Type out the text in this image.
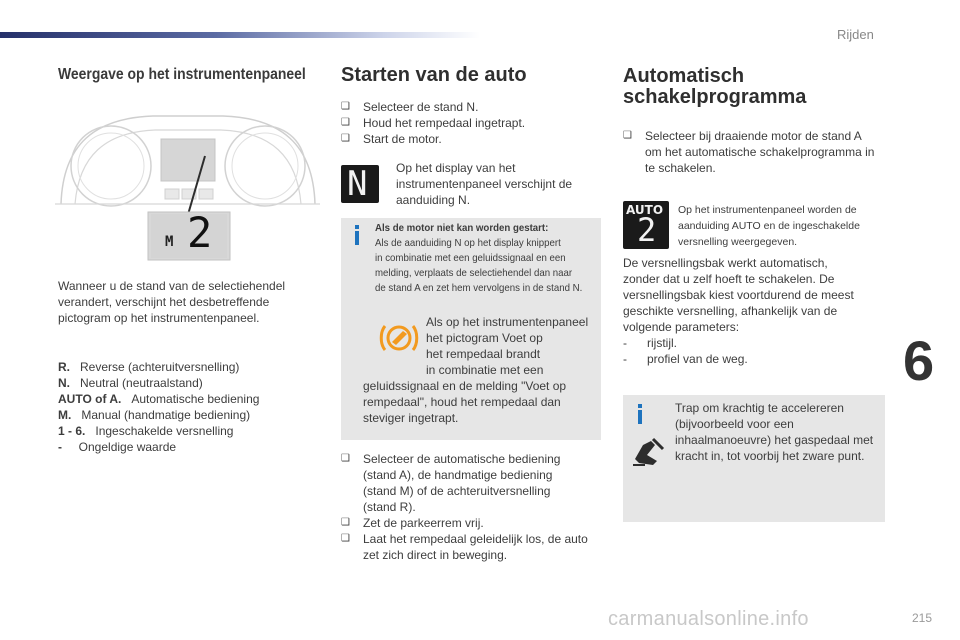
Rijden
Weergave op het instrumentenpaneel
M 2
Wanneer u de stand van de selectiehendel
verandert, verschijnt het desbetreffende
pictogram op het instrumentenpaneel.
R. Reverse (achteruitversnelling)
N. Neutral (neutraalstand)
AUTO of A. Automatische bediening
M. Manual (handmatige bediening)
1 - 6. Ingeschakelde versnelling
- Ongeldige waarde
Starten van de auto
❑ Selecteer de stand N.
❑ Houd het rempedaal ingetrapt.
❑ Start de motor.
N Op het display van het
instrumentenpaneel verschijnt de
aanduiding N.
Als de motor niet kan worden gestart:
Als de aanduiding N op het display knippert
in combinatie met een geluidssignaal en een
melding, verplaats de selectiehendel dan naar
de stand A en zet hem vervolgens in de stand N.
Als op het instrumentenpaneel
het pictogram Voet op
het rempedaal brandt
in combinatie met een
geluidssignaal en de melding "Voet op
rempedaal", houd het rempedaal dan
steviger ingetrapt.
❑ Selecteer de automatische bediening
(stand A), de handmatige bediening
(stand M) of de achteruitversnelling
(stand R).
❑ Zet de parkeerrem vrij.
❑ Laat het rempedaal geleidelijk los, de auto
zet zich direct in beweging.
Automatisch
schakelprogramma
❑ Selecteer bij draaiende motor de stand A
om het automatische schakelprogramma in
te schakelen.
AUTO
2
Op het instrumentenpaneel worden de
aanduiding AUTO en de ingeschakelde
versnelling weergegeven.
De versnellingsbak werkt automatisch,
zonder dat u zelf hoeft te schakelen. De
versnellingsbak kiest voortdurend de meest
geschikte versnelling, afhankelijk van de
volgende parameters:
- rijstijl.
- profiel van de weg.
Trap om krachtig te accelereren
(bijvoorbeeld voor een
inhaalmanoeuvre) het gaspedaal met
kracht in, tot voorbij het zware punt.
6
carmanualsonline.info	215
